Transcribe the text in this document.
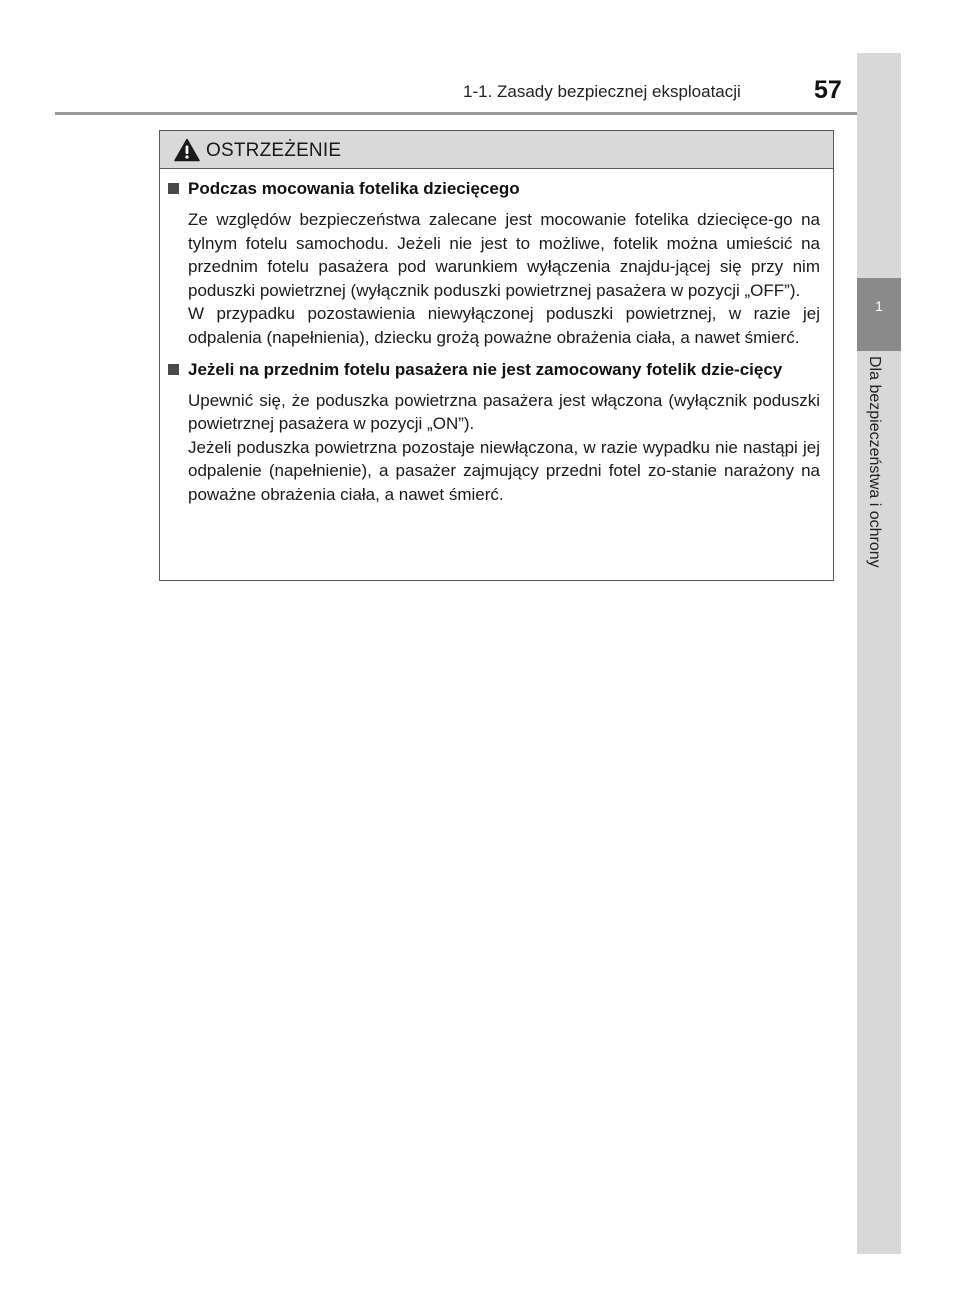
1-1. Zasady bezpiecznej eksploatacji	57
1
Dla bezpieczeństwa i ochrony
OSTRZEŻENIE
Podczas mocowania fotelika dziecięcego
Ze względów bezpieczeństwa zalecane jest mocowanie fotelika dziecięce-go na tylnym fotelu samochodu. Jeżeli nie jest to możliwe, fotelik można umieścić na przednim fotelu pasażera pod warunkiem wyłączenia znajdu-jącej się przy nim poduszki powietrznej (wyłącznik poduszki powietrznej pasażera w pozycji „OFF”).
W przypadku pozostawienia niewyłączonej poduszki powietrznej, w razie jej odpalenia (napełnienia), dziecku grożą poważne obrażenia ciała, a nawet śmierć.
Jeżeli na przednim fotelu pasażera nie jest zamocowany fotelik dzie-cięcy
Upewnić się, że poduszka powietrzna pasażera jest włączona (wyłącznik poduszki powietrznej pasażera w pozycji „ON”).
Jeżeli poduszka powietrzna pozostaje niewłączona, w razie wypadku nie nastąpi jej odpalenie (napełnienie), a pasażer zajmujący przedni fotel zo-stanie narażony na poważne obrażenia ciała, a nawet śmierć.
